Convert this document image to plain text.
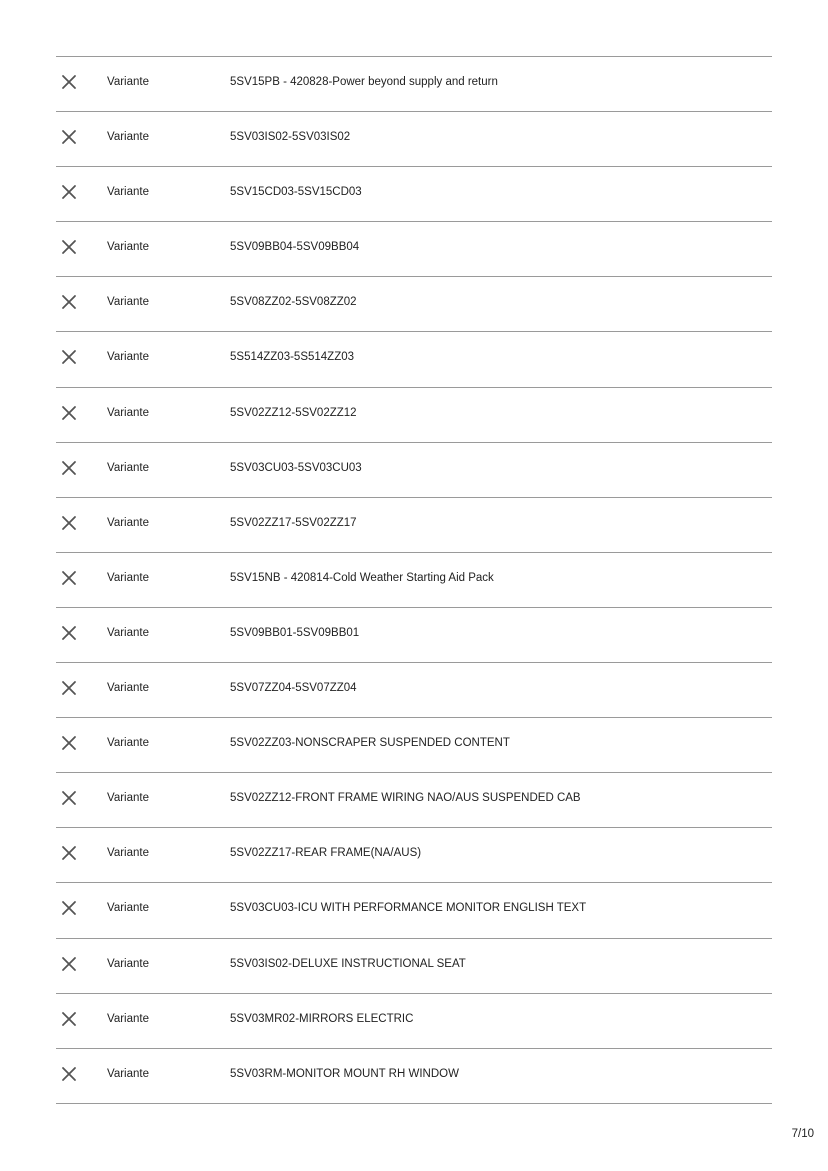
Variante	5SV15PB - 420828-Power beyond supply and return
Variante	5SV03IS02-5SV03IS02
Variante	5SV15CD03-5SV15CD03
Variante	5SV09BB04-5SV09BB04
Variante	5SV08ZZ02-5SV08ZZ02
Variante	5S514ZZ03-5S514ZZ03
Variante	5SV02ZZ12-5SV02ZZ12
Variante	5SV03CU03-5SV03CU03
Variante	5SV02ZZ17-5SV02ZZ17
Variante	5SV15NB - 420814-Cold Weather Starting Aid Pack
Variante	5SV09BB01-5SV09BB01
Variante	5SV07ZZ04-5SV07ZZ04
Variante	5SV02ZZ03-NONSCRAPER SUSPENDED CONTENT
Variante	5SV02ZZ12-FRONT FRAME WIRING NAO/AUS SUSPENDED CAB
Variante	5SV02ZZ17-REAR FRAME(NA/AUS)
Variante	5SV03CU03-ICU WITH PERFORMANCE MONITOR ENGLISH TEXT
Variante	5SV03IS02-DELUXE INSTRUCTIONAL SEAT
Variante	5SV03MR02-MIRRORS ELECTRIC
Variante	5SV03RM-MONITOR MOUNT RH WINDOW
7/10
